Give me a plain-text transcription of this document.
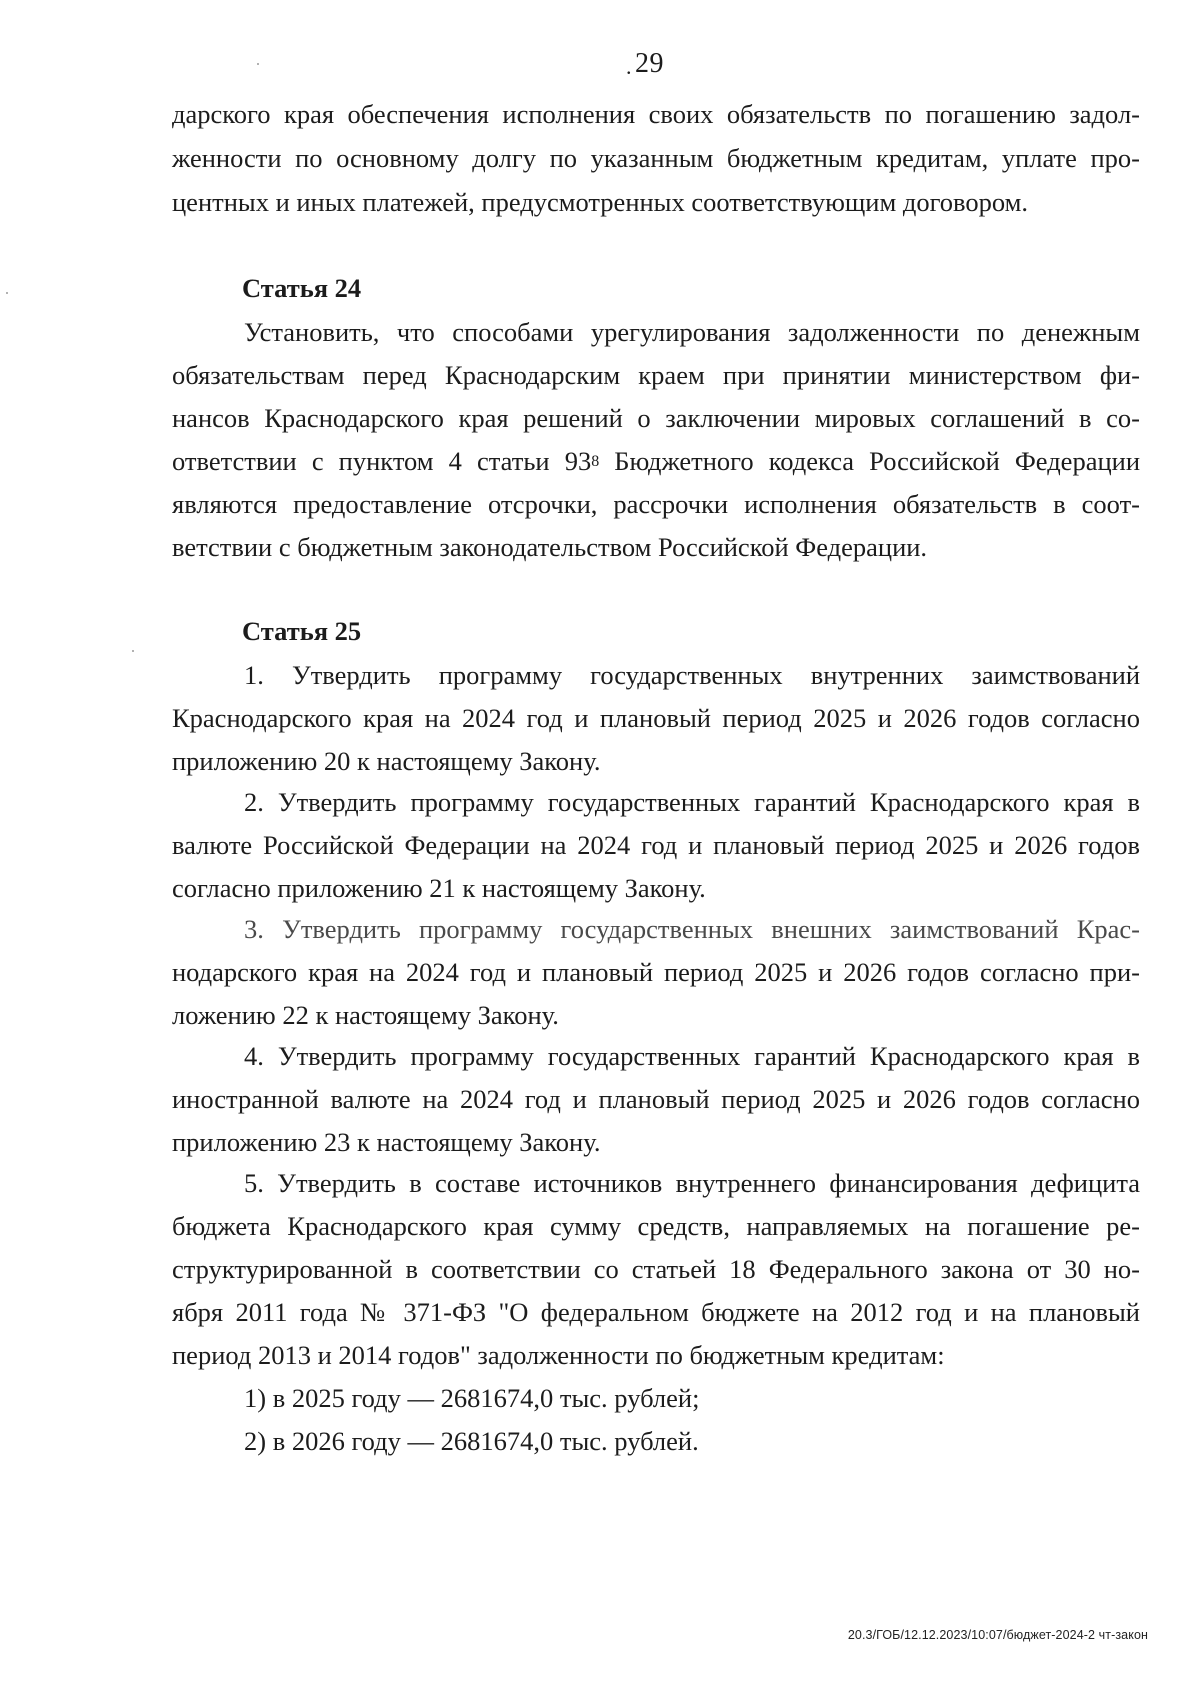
. 29
дарского края обеспечения исполнения своих обязательств по погашению задол-
женности по основному долгу по указанным бюджетным кредитам, уплате про-
центных и иных платежей, предусмотренных соответствующим договором.
Статья 24
Установить, что способами урегулирования задолженности по денежным
обязательствам перед Краснодарским краем при принятии министерством фи-
нансов Краснодарского края решений о заключении мировых соглашений в со-
ответствии с пунктом 4 статьи $93^8$ Бюджетного кодекса Российской Федерации
являются предоставление отсрочки, рассрочки исполнения обязательств в соот-
ветствии с бюджетным законодательством Российской Федерации.
Статья 25
1. Утвердить программу государственных внутренних заимствований
Краснодарского края на 2024 год и плановый период 2025 и 2026 годов согласно
приложению 20 к настоящему Закону.
2. Утвердить программу государственных гарантий Краснодарского края в
валюте Российской Федерации на 2024 год и плановый период 2025 и 2026 годов
согласно приложению 21 к настоящему Закону.
3. Утвердить программу государственных внешних заимствований Крас-
нодарского края на 2024 год и плановый период 2025 и 2026 годов согласно при-
ложению 22 к настоящему Закону.
4. Утвердить программу государственных гарантий Краснодарского края в
иностранной валюте на 2024 год и плановый период 2025 и 2026 годов согласно
приложению 23 к настоящему Закону.
5. Утвердить в составе источников внутреннего финансирования дефицита
бюджета Краснодарского края сумму средств, направляемых на погашение ре-
структурированной в соответствии со статьей 18 Федерального закона от 30 но-
ября 2011 года № 371-ФЗ "О федеральном бюджете на 2012 год и на плановый
период 2013 и 2014 годов" задолженности по бюджетным кредитам:
1) в 2025 году — 2681674,0 тыс. рублей;
2) в 2026 году — 2681674,0 тыс. рублей.
20.3/ГОБ/12.12.2023/10:07/бюджет-2024-2 чт-закон
